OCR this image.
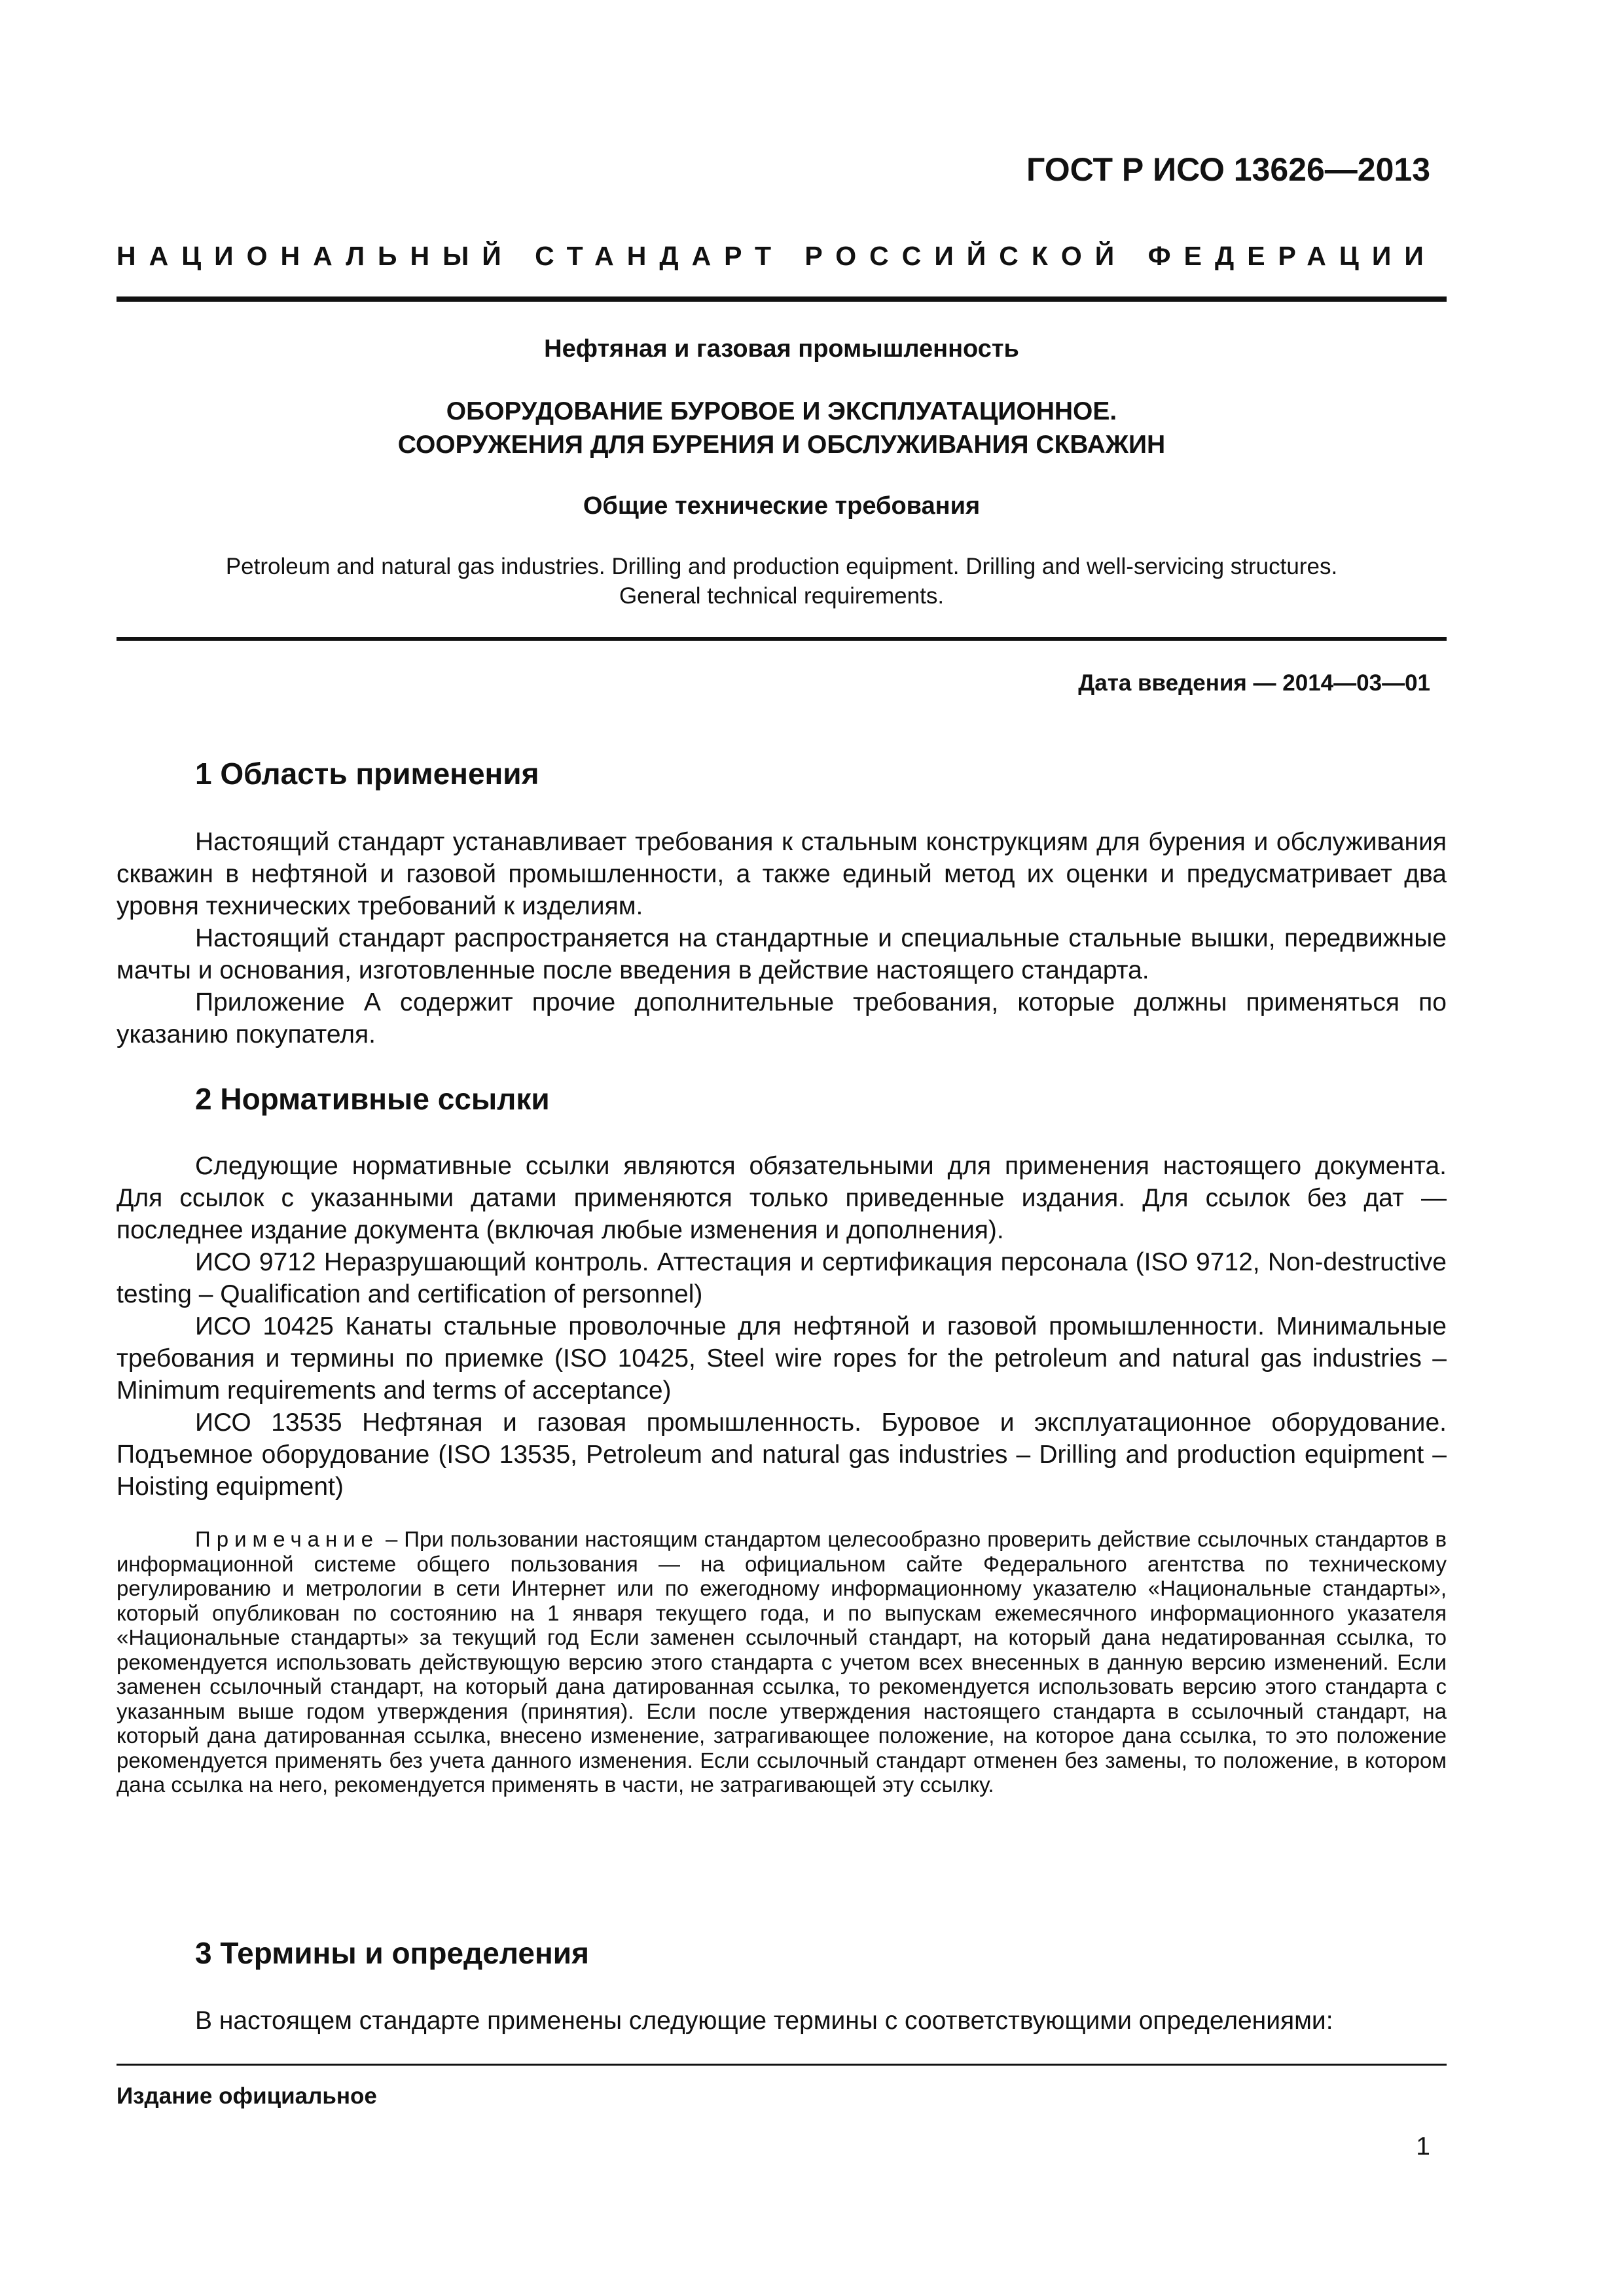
ГОСТ Р ИСО 13626—2013
НАЦИОНАЛЬНЫЙ СТАНДАРТ РОССИЙСКОЙ ФЕДЕРАЦИИ
Нефтяная и газовая промышленность
ОБОРУДОВАНИЕ БУРОВОЕ И ЭКСПЛУАТАЦИОННОЕ.
СООРУЖЕНИЯ ДЛЯ БУРЕНИЯ И ОБСЛУЖИВАНИЯ СКВАЖИН
Общие технические требования
Petroleum and natural gas industries. Drilling and production equipment. Drilling and well-servicing structures.
General technical requirements.
Дата введения — 2014—03—01
1 Область применения

Настоящий стандарт устанавливает требования к стальным конструкциям для бурения и обслуживания скважин в нефтяной и газовой промышленности, а также единый метод их оценки и предусматривает два уровня технических требований к изделиям.

Настоящий стандарт распространяется на стандартные и специальные стальные вышки, передвижные мачты и основания, изготовленные после введения в действие настоящего стандарта.

Приложение А содержит прочие дополнительные требования, которые должны применяться по указанию покупателя.

2 Нормативные ссылки

Следующие нормативные ссылки являются обязательными для применения настоящего документа. Для ссылок с указанными датами применяются только приведенные издания. Для ссылок без дат — последнее издание документа (включая любые изменения и дополнения).

ИСО 9712 Неразрушающий контроль. Аттестация и сертификация персонала (ISO 9712, Non-destructive testing – Qualification and certification of personnel)

ИСО 10425 Канаты стальные проволочные для нефтяной и газовой промышленности. Минимальные требования и термины по приемке (ISO 10425, Steel wire ropes for the petroleum and natural gas industries – Minimum requirements and terms of acceptance)

ИСО 13535 Нефтяная и газовая промышленность. Буровое и эксплуатационное оборудование. Подъемное оборудование (ISO 13535, Petroleum and natural gas industries – Drilling and production equipment – Hoisting equipment)

Примечание – При пользовании настоящим стандартом целесообразно проверить действие ссылочных стандартов в информационной системе общего пользования — на официальном сайте Федерального агентства по техническому регулированию и метрологии в сети Интернет или по ежегодному информационному указателю «Национальные стандарты», который опубликован по состоянию на 1 января текущего года, и по выпускам ежемесячного информационного указателя «Национальные стандарты» за текущий год Если заменен ссылочный стандарт, на который дана недатированная ссылка, то рекомендуется использовать действующую версию этого стандарта с учетом всех внесенных в данную версию изменений. Если заменен ссылочный стандарт, на который дана датированная ссылка, то рекомендуется использовать версию этого стандарта с указанным выше годом утверждения (принятия). Если после утверждения настоящего стандарта в ссылочный стандарт, на который дана датированная ссылка, внесено изменение, затрагивающее положение, на которое дана ссылка, то это положение рекомендуется применять без учета данного изменения. Если ссылочный стандарт отменен без замены, то положение, в котором дана ссылка на него, рекомендуется применять в части, не затрагивающей эту ссылку.

3 Термины и определения

В настоящем стандарте применены следующие термины с соответствующими определениями:

Издание официальное
1
